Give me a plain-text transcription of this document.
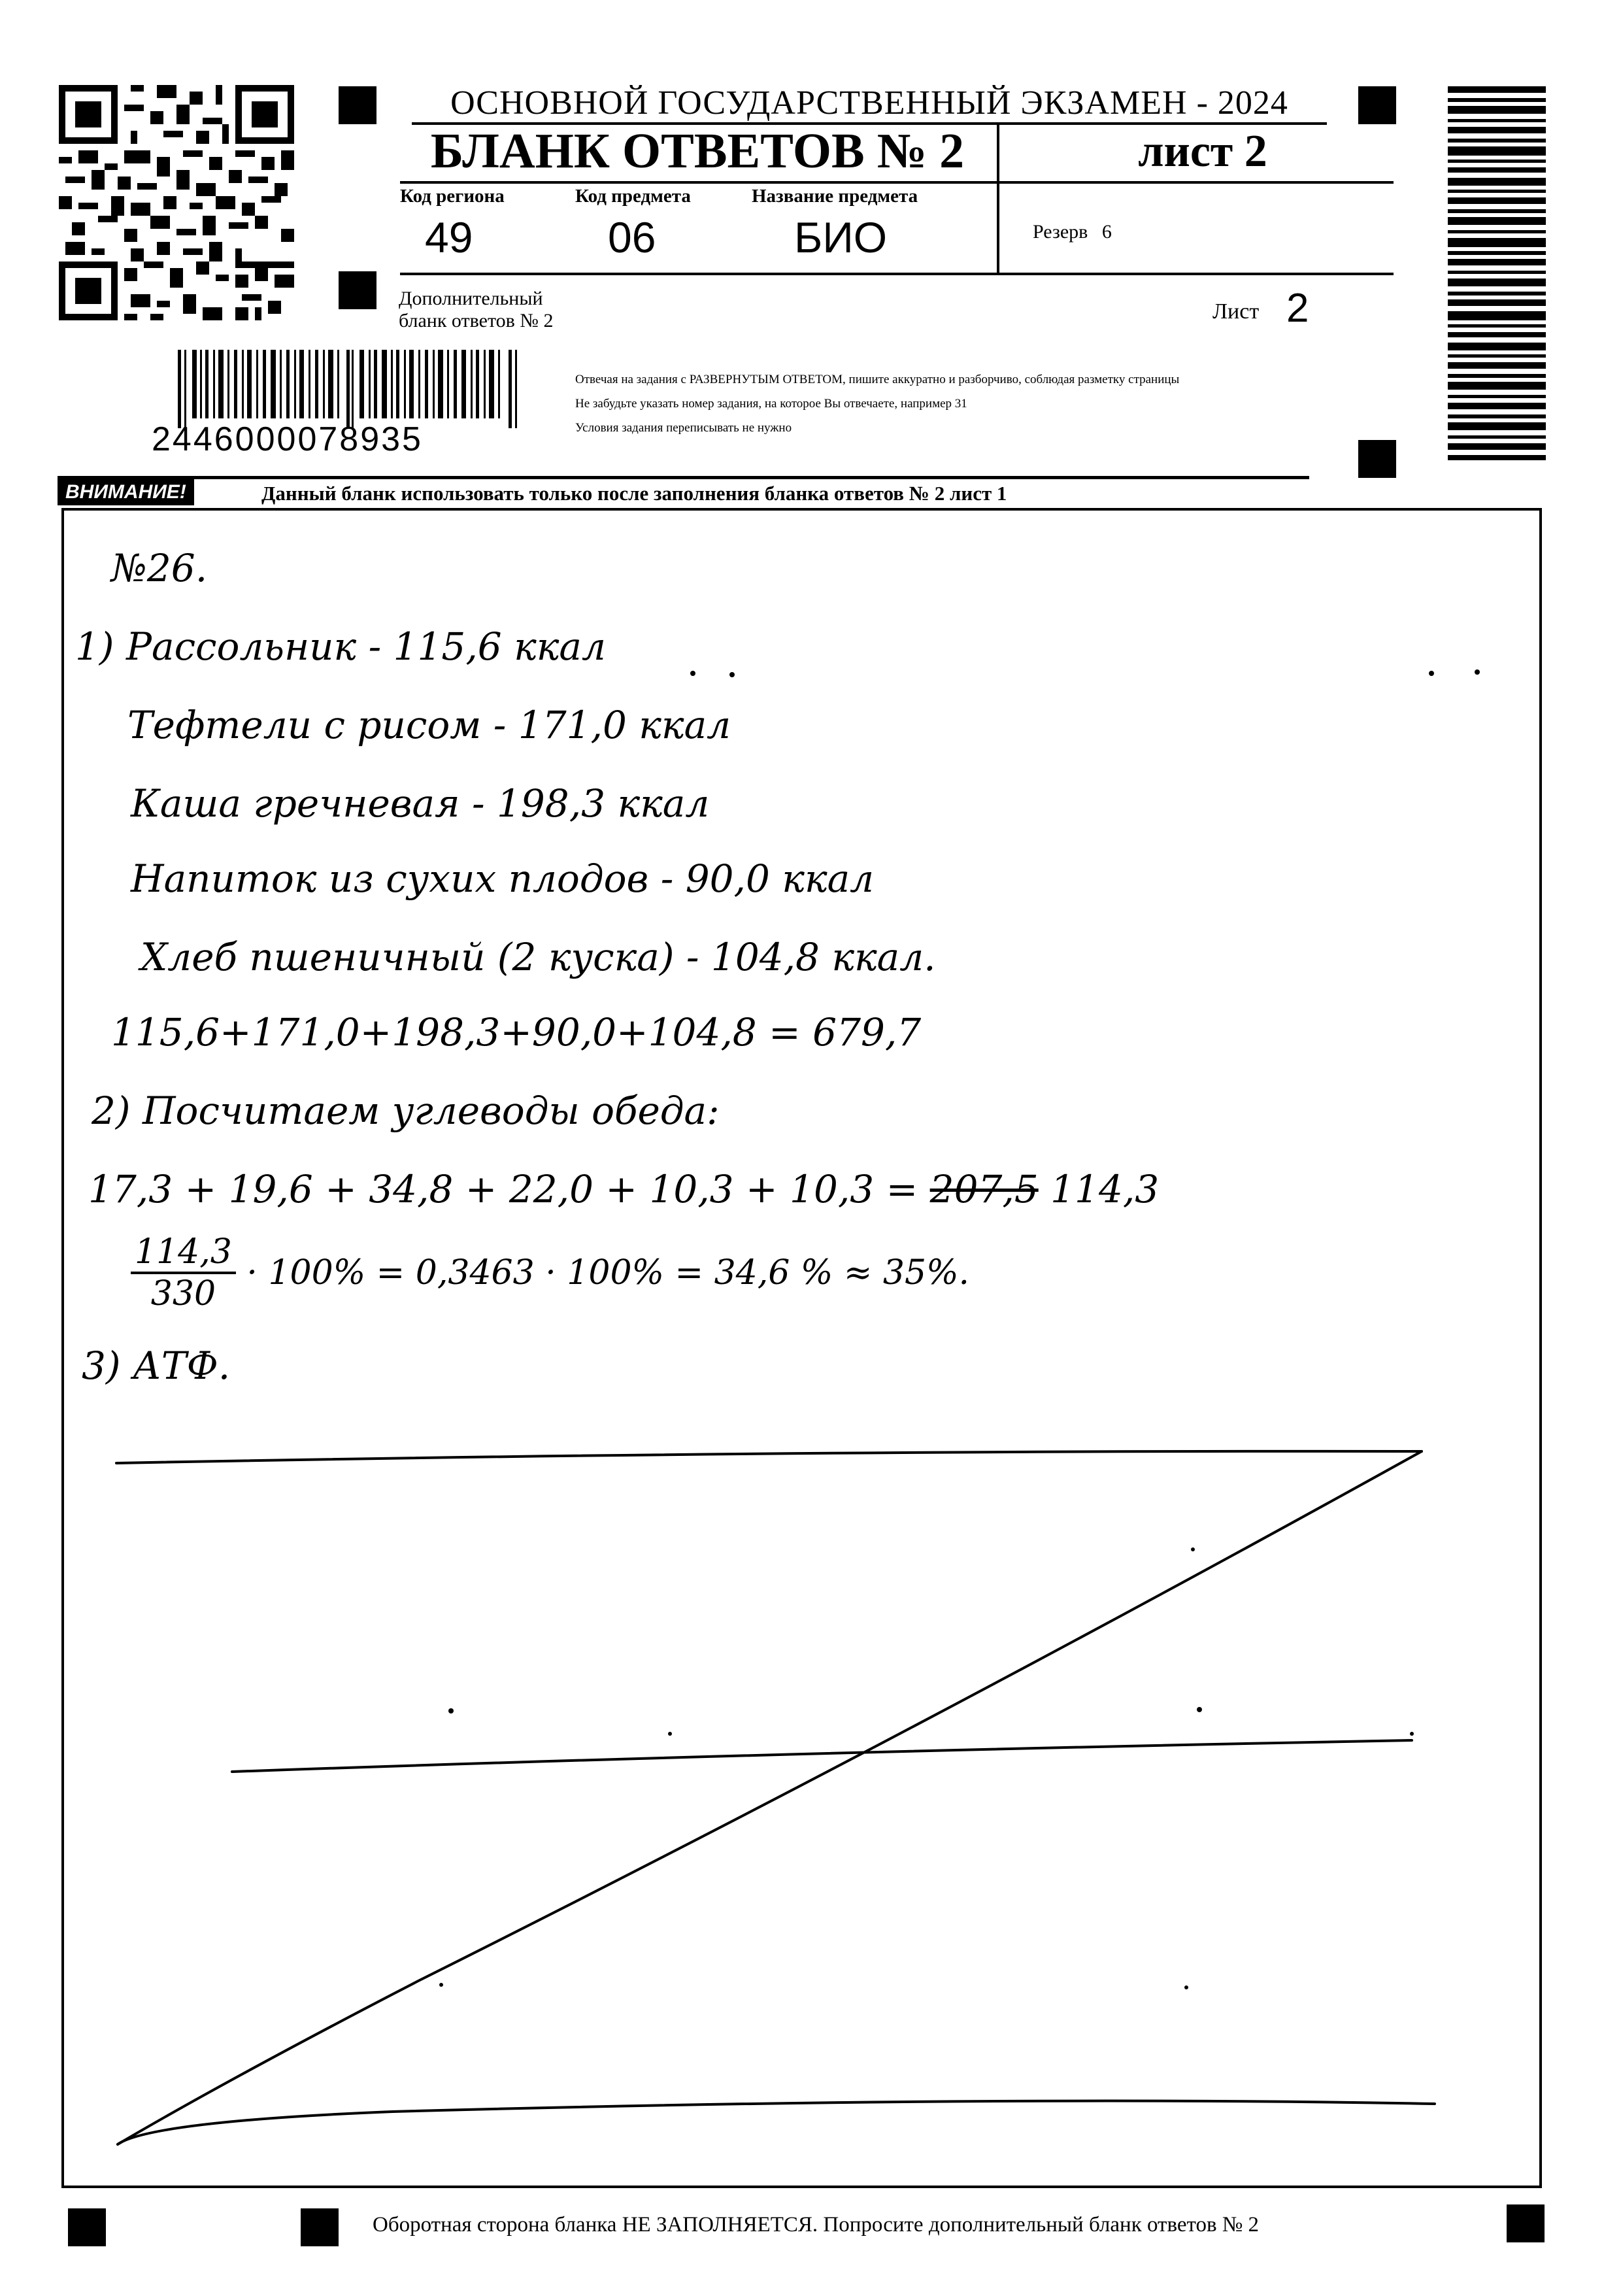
ОСНОВНОЙ ГОСУДАРСТВЕННЫЙ ЭКЗАМЕН - 2024
БЛАНК ОТВЕТОВ № 2	лист 2
Код региона	Код предмета	Название предмета
49	06	БИО	Резерв 6
Дополнительный
бланк ответов № 2	Лист 2
2446000078935
Отвечая на задания с РАЗВЕРНУТЫМ ОТВЕТОМ, пишите аккуратно и разборчиво, соблюдая разметку страницы
Не забудьте указать номер задания, на которое Вы отвечаете, например 31
Условия задания переписывать не нужно
ВНИМАНИЕ!	Данный бланк использовать только после заполнения бланка ответов № 2 лист 1
№26.
1) Рассольник - 115,6 ккал
Тефтели с рисом - 171,0 ккал
Каша гречневая - 198,3 ккал
Напиток из сухих плодов - 90,0 ккал
Хлеб пшеничный (2 куска) - 104,8 ккал.
115,6+171,0+198,3+90,0+104,8 = 679,7
2) Посчитаем углеводы обеда:
17,3 + 19,6 + 34,8 + 22,0 + 10,3 + 10,3 = 207,5 114,3
$\frac{114,3}{330} \cdot 100\% = 0,3463 \cdot 100\% = 34,6$ % ≈ 35%.
3) АТФ.
Оборотная сторона бланка НЕ ЗАПОЛНЯЕТСЯ. Попросите дополнительный бланк ответов № 2
